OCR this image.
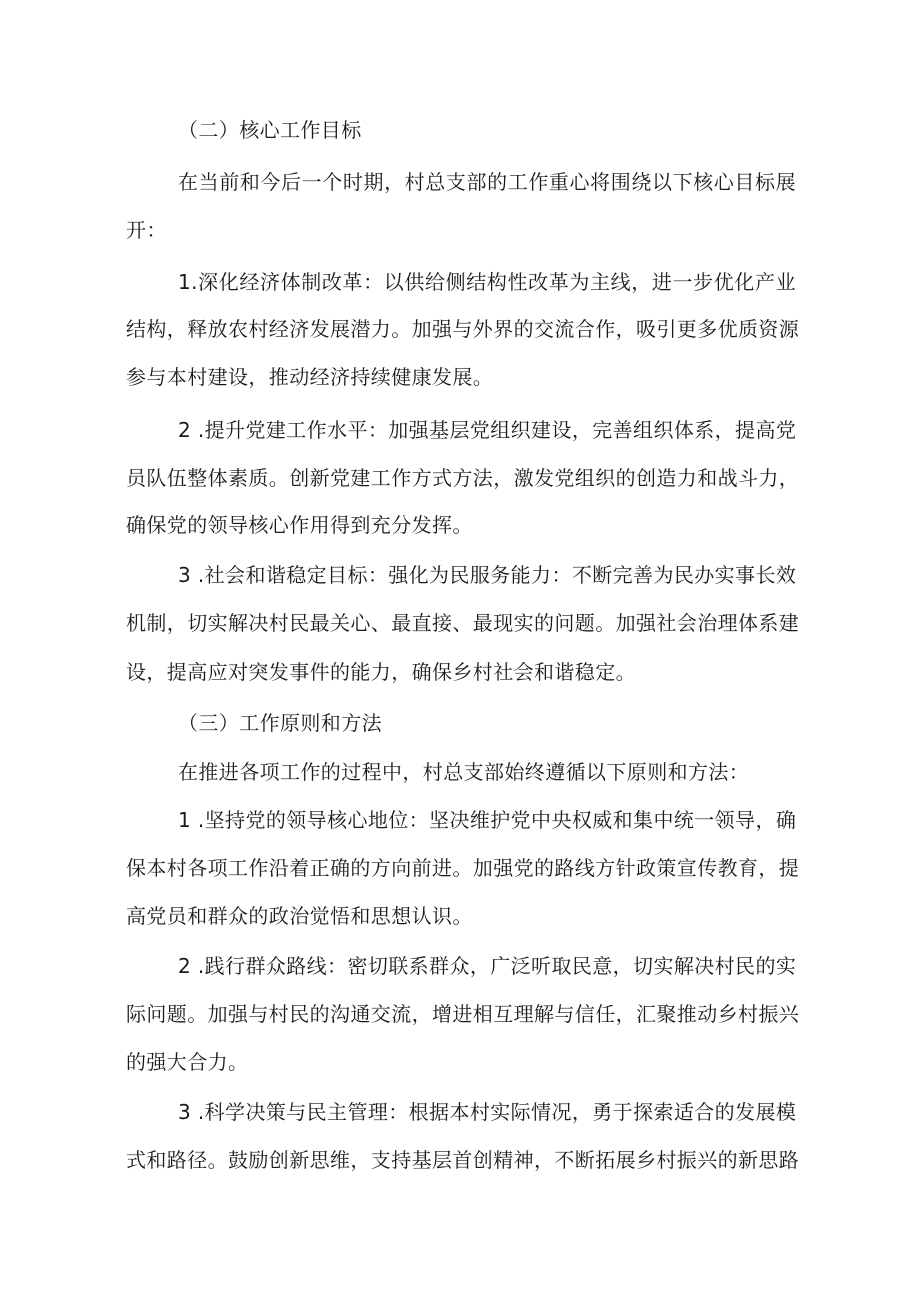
（二）核心工作目标

在当前和今后一个时期，村总支部的工作重心将围绕以下核心目标展

开：

1.深化经济体制改革：以供给侧结构性改革为主线，进一步优化产业

结构，释放农村经济发展潜力。加强与外界的交流合作，吸引更多优质资源

参与本村建设，推动经济持续健康发展。

2 .提升党建工作水平：加强基层党组织建设，完善组织体系，提高党

员队伍整体素质。创新党建工作方式方法，激发党组织的创造力和战斗力，

确保党的领导核心作用得到充分发挥。

3 .社会和谐稳定目标：强化为民服务能力：不断完善为民办实事长效

机制，切实解决村民最关心、最直接、最现实的问题。加强社会治理体系建

设，提高应对突发事件的能力，确保乡村社会和谐稳定。

（三）工作原则和方法

在推进各项工作的过程中，村总支部始终遵循以下原则和方法：

1 .坚持党的领导核心地位：坚决维护党中央权威和集中统一领导，确

保本村各项工作沿着正确的方向前进。加强党的路线方针政策宣传教育，提

高党员和群众的政治觉悟和思想认识。

2 .践行群众路线：密切联系群众，广泛听取民意，切实解决村民的实

际问题。加强与村民的沟通交流，增进相互理解与信任，汇聚推动乡村振兴

的强大合力。

3 .科学决策与民主管理：根据本村实际情况，勇于探索适合的发展模

式和路径。鼓励创新思维，支持基层首创精神，不断拓展乡村振兴的新思路
